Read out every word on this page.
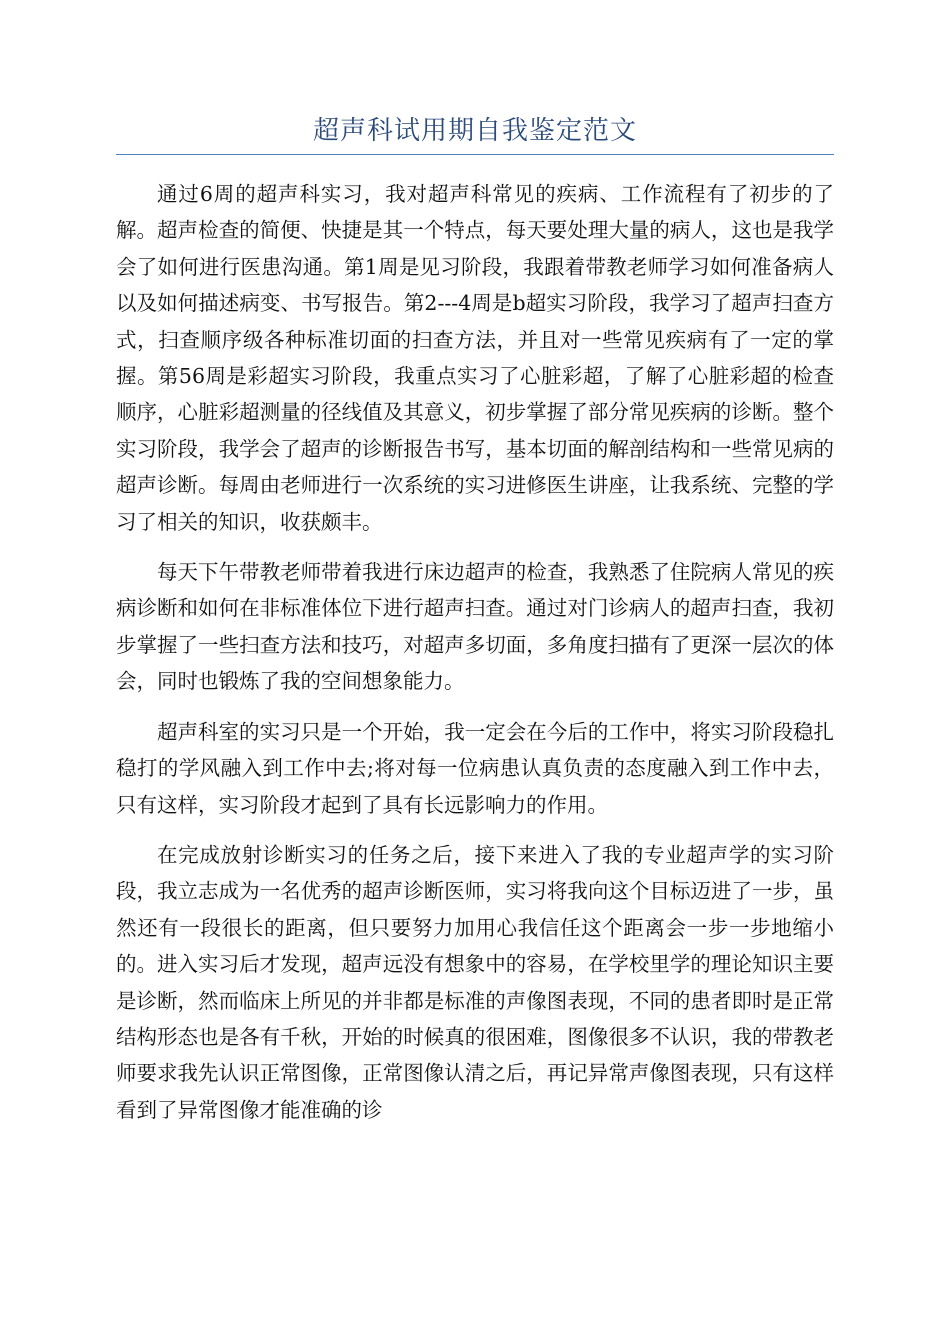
超声科试用期自我鉴定范文

通过6周的超声科实习，我对超声科常见的疾病、工作流程有了初步的了解。超声检查的简便、快捷是其一个特点，每天要处理大量的病人，这也是我学会了如何进行医患沟通。第1周是见习阶段，我跟着带教老师学习如何准备病人以及如何描述病变、书写报告。第2---4周是b超实习阶段，我学习了超声扫查方式，扫查顺序级各种标准切面的扫查方法，并且对一些常见疾病有了一定的掌握。第56周是彩超实习阶段，我重点实习了心脏彩超，了解了心脏彩超的检查顺序，心脏彩超测量的径线值及其意义，初步掌握了部分常见疾病的诊断。整个实习阶段，我学会了超声的诊断报告书写，基本切面的解剖结构和一些常见病的超声诊断。每周由老师进行一次系统的实习进修医生讲座，让我系统、完整的学习了相关的知识，收获颇丰。

每天下午带教老师带着我进行床边超声的检查，我熟悉了住院病人常见的疾病诊断和如何在非标准体位下进行超声扫查。通过对门诊病人的超声扫查，我初步掌握了一些扫查方法和技巧，对超声多切面，多角度扫描有了更深一层次的体会，同时也锻炼了我的空间想象能力。

超声科室的实习只是一个开始，我一定会在今后的工作中，将实习阶段稳扎稳打的学风融入到工作中去;将对每一位病患认真负责的态度融入到工作中去，只有这样，实习阶段才起到了具有长远影响力的作用。

在完成放射诊断实习的任务之后，接下来进入了我的专业超声学的实习阶段，我立志成为一名优秀的超声诊断医师，实习将我向这个目标迈进了一步，虽然还有一段很长的距离，但只要努力加用心我信任这个距离会一步一步地缩小的。进入实习后才发现，超声远没有想象中的容易，在学校里学的理论知识主要是诊断，然而临床上所见的并非都是标准的声像图表现，不同的患者即时是正常结构形态也是各有千秋，开始的时候真的很困难，图像很多不认识，我的带教老师要求我先认识正常图像，正常图像认清之后，再记异常声像图表现，只有这样看到了异常图像才能准确的诊
